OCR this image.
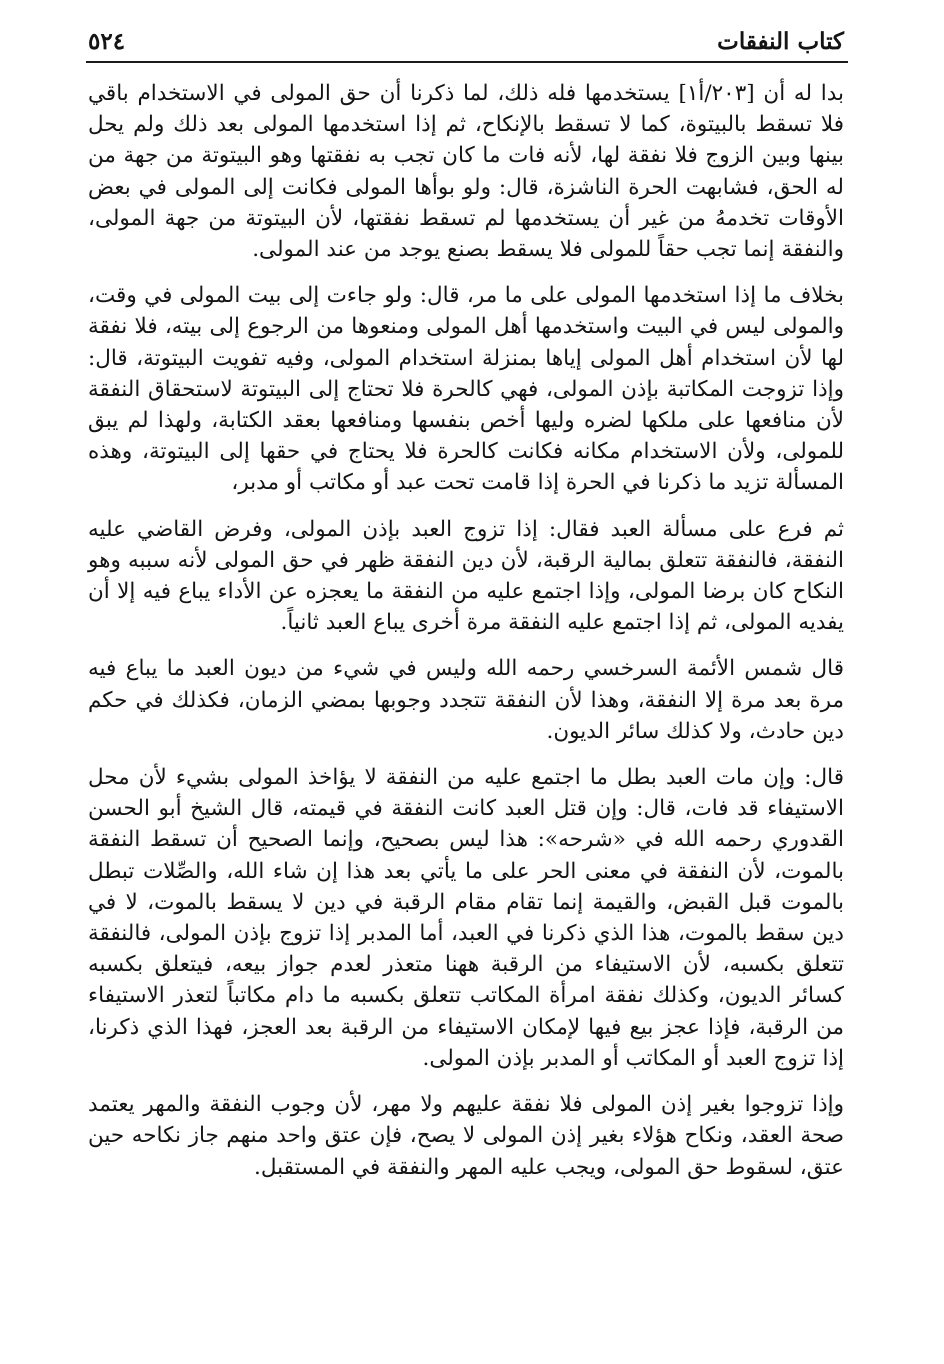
كتاب النفقات
٥٢٤

بدا له أن [٢٠٣/أ١] يستخدمها فله ذلك، لما ذكرنا أن حق المولى في الاستخدام باقي فلا تسقط بالبيتوة، كما لا تسقط بالإنكاح، ثم إذا استخدمها المولى بعد ذلك ولم يحل بينها وبين الزوج فلا نفقة لها، لأنه فات ما كان تجب به نفقتها وهو البيتوتة من جهة من له الحق، فشابهت الحرة الناشزة، قال: ولو بوأها المولى فكانت إلى المولى في بعض الأوقات تخدمهُ من غير أن يستخدمها لم تسقط نفقتها، لأن البيتوتة من جهة المولى، والنفقة إنما تجب حقاً للمولى فلا يسقط بصنع يوجد من عند المولى.

بخلاف ما إذا استخدمها المولى على ما مر، قال: ولو جاءت إلى بيت المولى في وقت، والمولى ليس في البيت واستخدمها أهل المولى ومنعوها من الرجوع إلى بيته، فلا نفقة لها لأن استخدام أهل المولى إياها بمنزلة استخدام المولى، وفيه تفويت البيتوتة، قال: وإذا تزوجت المكاتبة بإذن المولى، فهي كالحرة فلا تحتاج إلى البيتوتة لاستحقاق النفقة لأن منافعها على ملكها لضره وليها أخص بنفسها ومنافعها بعقد الكتابة، ولهذا لم يبق للمولى، ولأن الاستخدام مكانه فكانت كالحرة فلا يحتاج في حقها إلى البيتوتة، وهذه المسألة تزيد ما ذكرنا في الحرة إذا قامت تحت عبد أو مكاتب أو مدبر،

ثم فرع على مسألة العبد فقال: إذا تزوج العبد بإذن المولى، وفرض القاضي عليه النفقة، فالنفقة تتعلق بمالية الرقبة، لأن دين النفقة ظهر في حق المولى لأنه سببه وهو النكاح كان برضا المولى، وإذا اجتمع عليه من النفقة ما يعجزه عن الأداء يباع فيه إلا أن يفديه المولى، ثم إذا اجتمع عليه النفقة مرة أخرى يباع العبد ثانياً.

قال شمس الأئمة السرخسي رحمه الله وليس في شيء من ديون العبد ما يباع فيه مرة بعد مرة إلا النفقة، وهذا لأن النفقة تتجدد وجوبها بمضي الزمان، فكذلك في حكم دين حادث، ولا كذلك سائر الديون.

قال: وإن مات العبد بطل ما اجتمع عليه من النفقة لا يؤاخذ المولى بشيء لأن محل الاستيفاء قد فات، قال: وإن قتل العبد كانت النفقة في قيمته، قال الشيخ أبو الحسن القدوري رحمه الله في «شرحه»: هذا ليس بصحيح، وإنما الصحيح أن تسقط النفقة بالموت، لأن النفقة في معنى الحر على ما يأتي بعد هذا إن شاء الله، والصِّلات تبطل بالموت قبل القبض، والقيمة إنما تقام مقام الرقبة في دين لا يسقط بالموت، لا في دين سقط بالموت، هذا الذي ذكرنا في العبد، أما المدبر إذا تزوج بإذن المولى، فالنفقة تتعلق بكسبه، لأن الاستيفاء من الرقبة ههنا متعذر لعدم جواز بيعه، فيتعلق بكسبه كسائر الديون، وكذلك نفقة امرأة المكاتب تتعلق بكسبه ما دام مكاتباً لتعذر الاستيفاء من الرقبة، فإذا عجز بيع فيها لإمكان الاستيفاء من الرقبة بعد العجز، فهذا الذي ذكرنا، إذا تزوج العبد أو المكاتب أو المدبر بإذن المولى.

وإذا تزوجوا بغير إذن المولى فلا نفقة عليهم ولا مهر، لأن وجوب النفقة والمهر يعتمد صحة العقد، ونكاح هؤلاء بغير إذن المولى لا يصح، فإن عتق واحد منهم جاز نكاحه حين عتق، لسقوط حق المولى، ويجب عليه المهر والنفقة في المستقبل.
